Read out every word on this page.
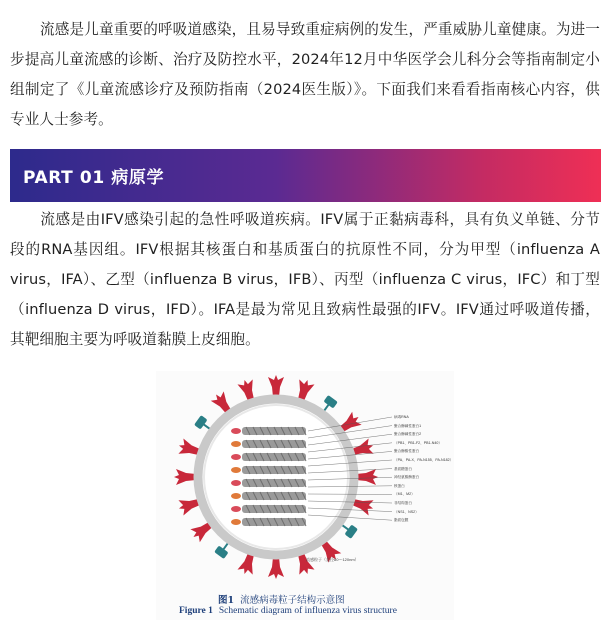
流感是儿童重要的呼吸道感染，且易导致重症病例的发生，严重威胁儿童健康。为进一步提高儿童流感的诊断、治疗及防控水平，2024年12月中华医学会儿科分会等指南制定小组制定了《儿童流感诊疗及预防指南（2024医生版）》。下面我们来看看指南核心内容，供专业人士参考。

PART 01 病原学

流感是由IFV感染引起的急性呼吸道疾病。IFV属于正黏病毒科，具有负义单链、分节段的RNA基因组。IFV根据其核蛋白和基质蛋白的抗原性不同，分为甲型（influenza A virus，IFA）、乙型（influenza B virus，IFB）、丙型（influenza C virus，IFC）和丁型（influenza D virus，IFD）。IFA是最为常见且致病性最强的IFV。IFV通过呼吸道传播，其靶细胞主要为呼吸道黏膜上皮细胞。

流感粒子（直径80～120nm）
病毒RNA
聚合酶碱性蛋白1
聚合酶碱性蛋白2
（PB1、PB1-F2、PB1-N40）
聚合酶酸性蛋白
（PA、PA-X、PA-N155、PA-N182）
基质糖蛋白
神经氨酸酶蛋白
核蛋白
（M1、M2）
非结构蛋白
（NS1、NS2）
脂质包膜
图1 流感病毒粒子结构示意图
Figure 1 Schematic diagram of influenza virus structure
